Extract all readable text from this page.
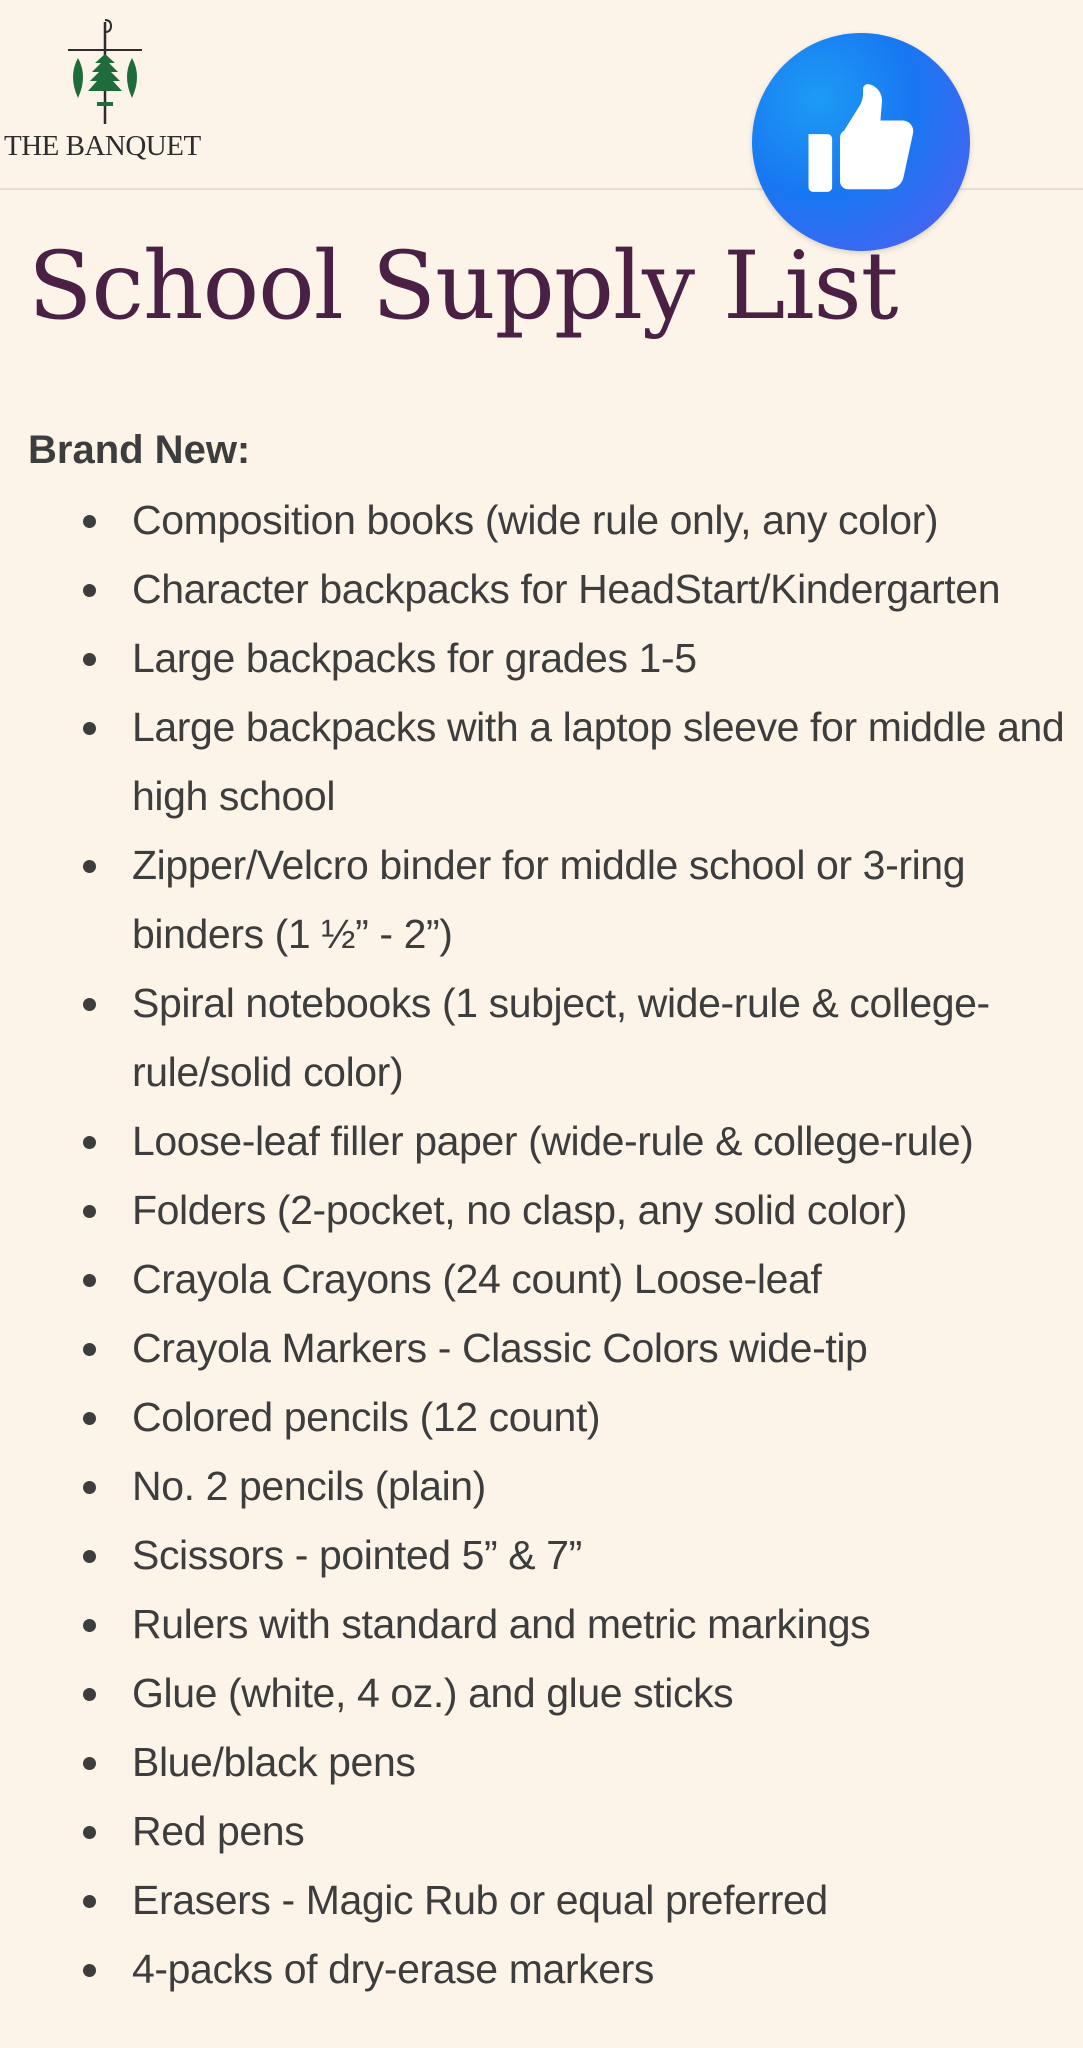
THE BANQUET
School Supply List
Brand New:
Composition books (wide rule only, any color)
Character backpacks for HeadStart/Kindergarten
Large backpacks for grades 1-5
Large backpacks with a laptop sleeve for middle and high school
Zipper/Velcro binder for middle school or 3-ring binders (1 ½” - 2”)
Spiral notebooks (1 subject, wide-rule & college-rule/solid color)
Loose-leaf filler paper (wide-rule & college-rule)
Folders (2-pocket, no clasp, any solid color)
Crayola Crayons (24 count) Loose-leaf
Crayola Markers - Classic Colors wide-tip
Colored pencils (12 count)
No. 2 pencils (plain)
Scissors - pointed 5” & 7”
Rulers with standard and metric markings
Glue (white, 4 oz.) and glue sticks
Blue/black pens
Red pens
Erasers - Magic Rub or equal preferred
4-packs of dry-erase markers
